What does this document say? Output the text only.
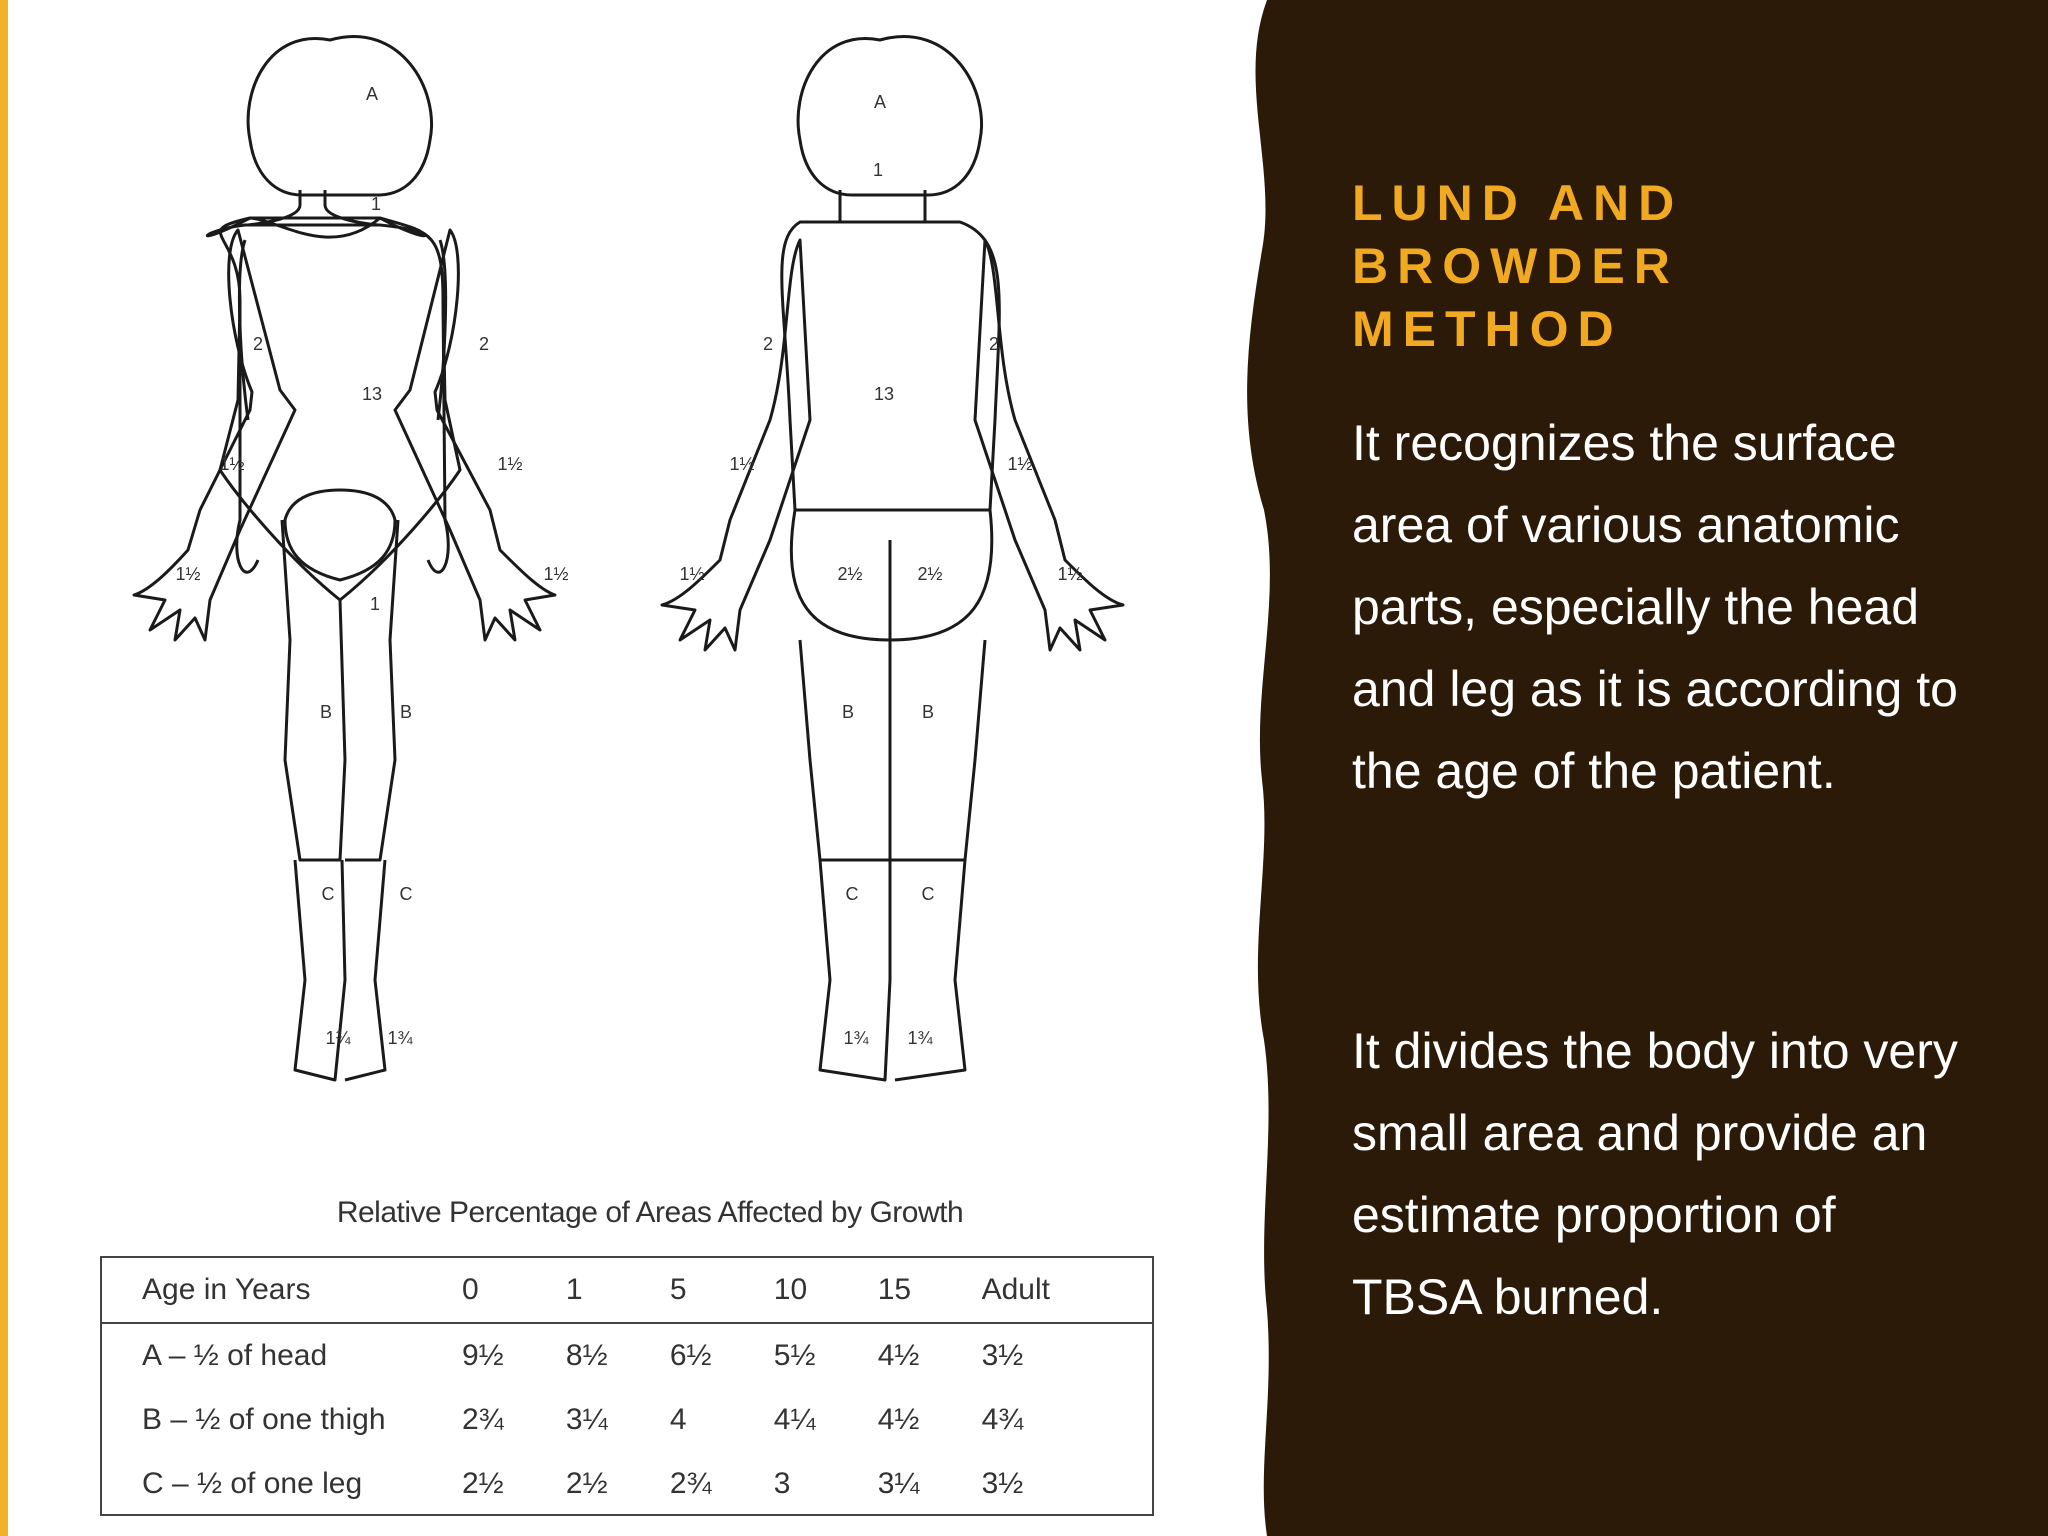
A
1
13
2	2
1½	1½
1½	1½
1
B	B
C	C
1¾ 1¾
A
1
13
2	2
1½	1½
1½	1½
2½	2½
B	B
C	C
1¾ 1¾
Relative Percentage of Areas Affected by Growth
Age in Years	0	1	5	10	15	Adult
A – ½ of head	9½	8½	6½	5½	4½	3½
B – ½ of one thigh	2¾	3¼	4	4¼	4½	4¾
C – ½ of one leg	2½	2½	2¾	3	3¼	3½
LUND AND BROWDER METHOD
It recognizes the surface area of various anatomic parts, especially the head and leg as it is according to the age of the patient.
It divides the body into very small area and provide an estimate proportion of TBSA burned.
